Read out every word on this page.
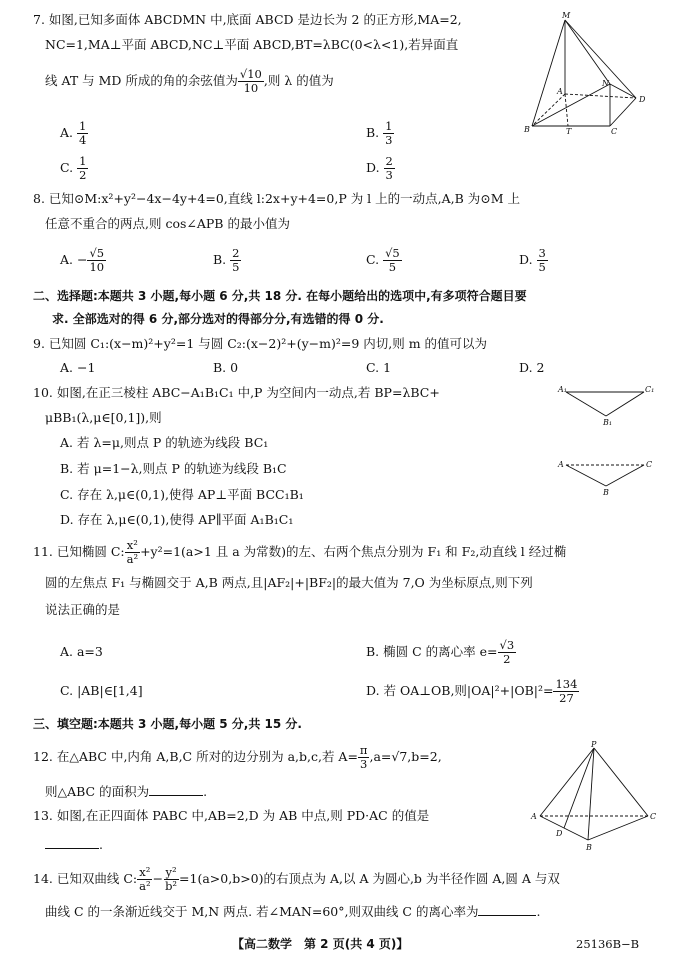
7. 如图,已知多面体 ABCDMN 中,底面 ABCD 是边长为 2 的正方形,MA=2,
NC=1,MA⊥平面 ABCD,NC⊥平面 ABCD,BT=λBC(0<λ<1),若异面直
线 AT 与 MD 所成的角的余弦值为 $\frac{√10}{10}$ ,则 λ 的值为
A. $\frac{1}{4}$	B. $\frac{1}{3}$
C. $\frac{1}{2}$	D. $\frac{2}{3}$
M
N
D
A
B	T	C
8. 已知⊙M:x²+y²−4x−4y+4=0,直线 l:2x+y+4=0,P 为 l 上的一动点,A,B 为⊙M 上
任意不重合的两点,则 cos∠APB 的最小值为
A. − $\frac{√5}{10}$	B. $\frac{2}{5}$	C. $\frac{√5}{5}$	D. $\frac{3}{5}$
二、选择题:本题共 3 小题,每小题 6 分,共 18 分. 在每小题给出的选项中,有多项符合题目要
求. 全部选对的得 6 分,部分选对的得部分分,有选错的得 0 分.
9. 已知圆 C₁:(x−m)²+y²=1 与圆 C₂:(x−2)²+(y−m)²=9 内切,则 m 的值可以为
A. −1	B. 0	C. 1	D. 2
10. 如图,在正三棱柱 ABC−A₁B₁C₁ 中,P 为空间内一动点,若 BP=λBC+
μBB₁(λ,μ∈[0,1]),则
A. 若 λ=μ,则点 P 的轨迹为线段 BC₁
B. 若 μ=1−λ,则点 P 的轨迹为线段 B₁C
C. 存在 λ,μ∈(0,1),使得 AP⊥平面 BCC₁B₁
D. 存在 λ,μ∈(0,1),使得 AP∥平面 A₁B₁C₁
A₁	C₁
B₁
A	C
B
11. 已知椭圆 C: $\frac{\text{x²}}{\text{a²}} +y^2=1(a>1$ 且 a 为常数)的左、右两个焦点分别为 F₁ 和 F₂,动直线 l 经过椭
圆的左焦点 F₁ 与椭圆交于 A,B 两点,且|AF₂|+|BF₂|的最大值为 7,O 为坐标原点,则下列
说法正确的是
A. a=3	B. 椭圆 C 的离心率 $e= \frac{√3}{2}$
C. |AB|∈[1,4]	D. 若 OA⊥OB,则$|OA|^2+|OB|^2= \frac{134}{27}$
三、填空题:本题共 3 小题,每小题 5 分,共 15 分.
12. 在△ABC 中,内角 A,B,C 所对的边分别为 a,b,c,若 $A= \frac{\pi}{3} ,a=√7,b=2$,
则△ABC 的面积为	.
13. 如图,在正四面体 PABC 中,AB=2,D 为 AB 中点,则 PD·AC 的值是
.
P
A	C
D
B
14. 已知双曲线 C: $\frac{\text{x²}}{\text{a²}} - \frac{\text{y²}}{\text{b²}} =1(a>0,b>0)$的右顶点为 A,以 A 为圆心,b 为半径作圆 A,圆 A 与双
曲线 C 的一条渐近线交于 M,N 两点. 若∠MAN=60°,则双曲线 C 的离心率为	.
【高二数学　第 2 页(共 4 页)】	25136B−B
